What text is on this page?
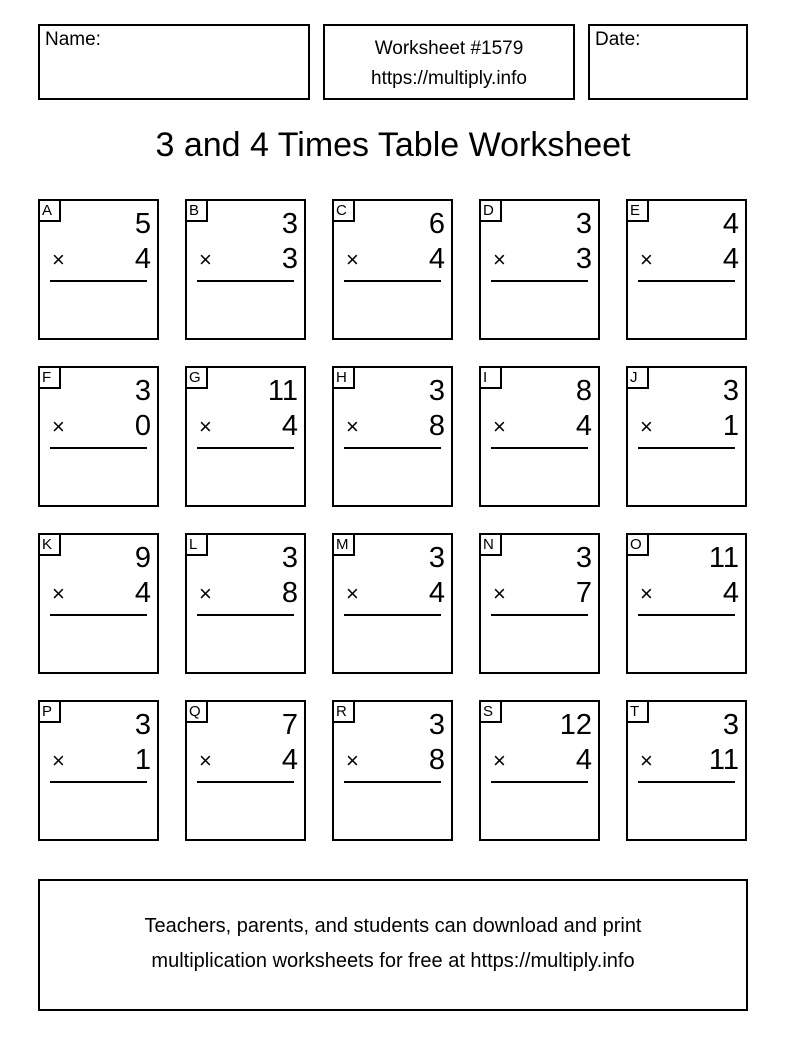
Name:	Worksheet #1579
https://multiply.info
Date:
3 and 4 Times Table Worksheet
A	5
× 4
B	3
× 3
C	6
× 4
D	3
× 3
E	4
× 4
F	3
× 0
G 11
× 4
H	3
× 8
I	8
× 4
J	3
× 1
K	9
× 4
L	3
× 8
M	3
× 4
N	3
× 7
O 11
× 4
P	3
× 1
Q	7
× 4
R	3
× 8
S	12
× 4
T	3
× 11
Teachers, parents, and students can download and print
multiplication worksheets for free at https://multiply.info
